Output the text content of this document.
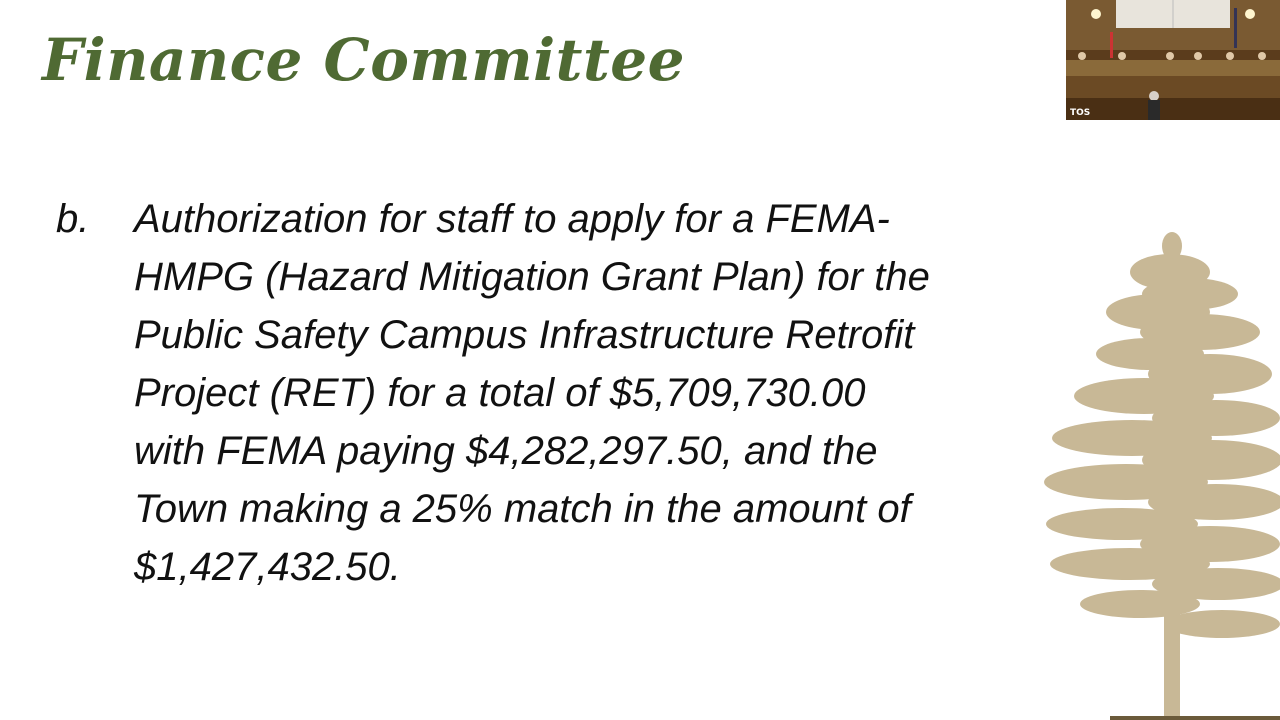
Finance Committee
b. Authorization for staff to apply for a FEMA-
HMPG (Hazard Mitigation Grant Plan) for the
Public Safety Campus Infrastructure Retrofit
Project (RET) for a total of $5,709,730.00
with FEMA paying $4,282,297.50, and the
Town making a 25% match in the amount of
$1,427,432.50.
TOS
